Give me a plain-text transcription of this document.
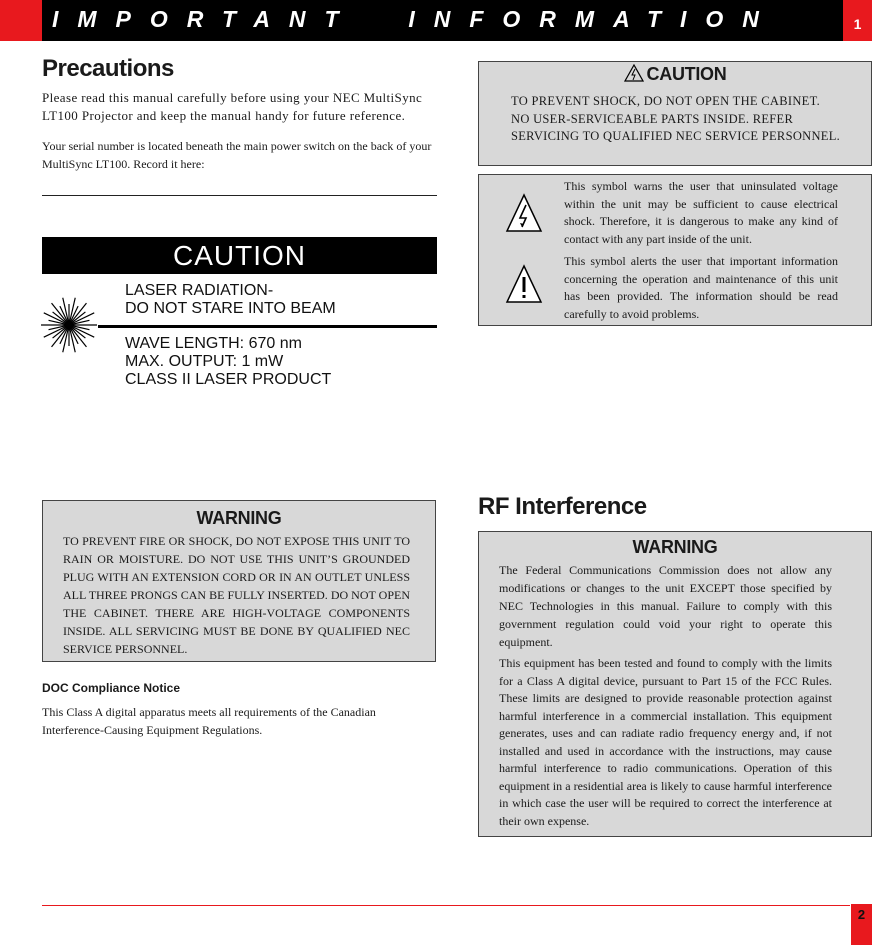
IMPORTANT  INFORMATION	1
Precautions
Please read this manual carefully before using your NEC MultiSync LT100 Projector and keep the manual handy for future reference.
Your serial number is located beneath the main power switch on the back of your MultiSync LT100. Record it here:
CAUTION
LASER RADIATION-
DO NOT STARE INTO BEAM
WAVE LENGTH: 670 nm
MAX. OUTPUT: 1 mW
CLASS II LASER PRODUCT
CAUTION
TO PREVENT SHOCK, DO NOT OPEN THE CABINET. NO USER-SERVICEABLE PARTS INSIDE. REFER SERVICING TO QUALIFIED NEC SERVICE PERSONNEL.
This symbol warns the user that uninsulated voltage within the unit may be sufficient to cause electrical shock. Therefore, it is dangerous to make any kind of contact with any part inside of the unit.
This symbol alerts the user that important information concerning the operation and maintenance of this unit has been provided. The information should be read carefully to avoid problems.
WARNING
TO PREVENT FIRE OR SHOCK, DO NOT EXPOSE THIS UNIT TO RAIN OR MOISTURE. DO NOT USE THIS UNIT’S GROUNDED PLUG WITH AN EXTENSION CORD OR IN AN OUTLET UNLESS ALL THREE PRONGS CAN BE FULLY INSERTED. DO NOT OPEN THE CABINET. THERE ARE HIGH-VOLTAGE COMPONENTS INSIDE. ALL SERVICING MUST BE DONE BY QUALIFIED NEC SERVICE PERSONNEL.
DOC Compliance Notice
This Class A digital apparatus meets all requirements of the Canadian Interference-Causing Equipment Regulations.
RF Interference
WARNING
The Federal Communications Commission does not allow any modifications or changes to the unit EXCEPT those specified by NEC Technologies in this manual. Failure to comply with this government regulation could void your right to operate this equipment.
This equipment has been tested and found to comply with the limits for a Class A digital device, pursuant to Part 15 of the FCC Rules. These limits are designed to provide reasonable protection against harmful interference in a commercial installation. This equipment generates, uses and can radiate radio frequency energy and, if not installed and used in accordance with the instructions, may cause harmful interference to radio communications. Operation of this equipment in a residential area is likely to cause harmful interference in which case the user will be required to correct the interference at their own expense.
2
